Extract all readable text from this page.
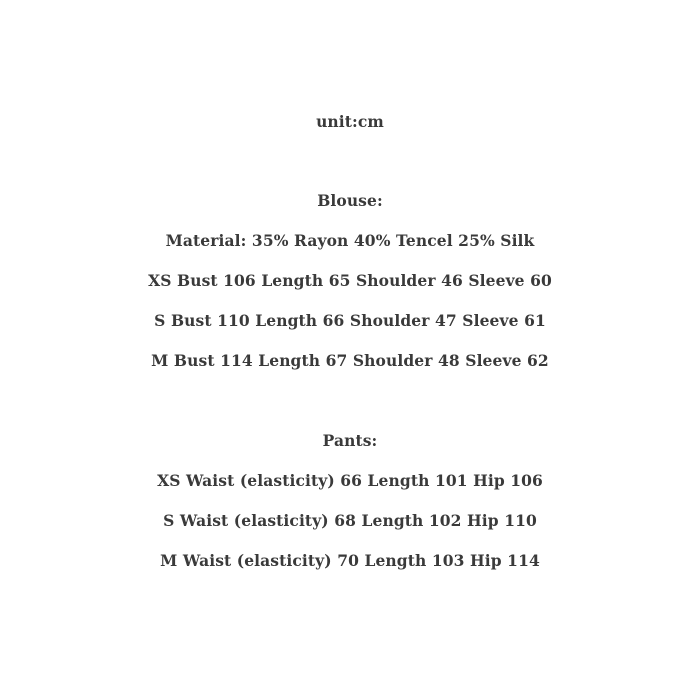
unit:cm
Blouse:
Material: 35% Rayon 40% Tencel 25% Silk
XS Bust 106 Length 65 Shoulder 46 Sleeve 60
S Bust 110 Length 66 Shoulder 47 Sleeve 61
M Bust 114 Length 67 Shoulder 48 Sleeve 62
Pants:
XS Waist (elasticity) 66 Length 101 Hip 106
S Waist (elasticity) 68 Length 102 Hip 110
M Waist (elasticity) 70 Length 103 Hip 114
